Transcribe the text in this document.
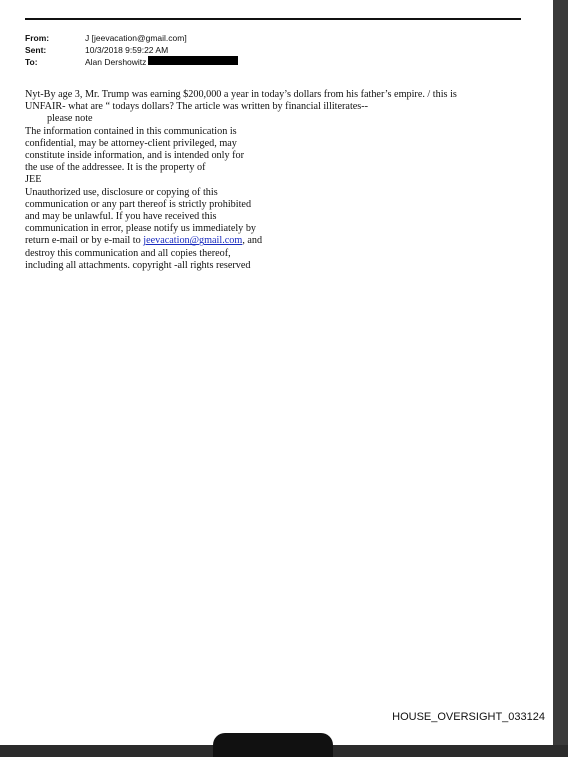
From:	J [jeevacation@gmail.com]
Sent:	10/3/2018 9:59:22 AM
To:	Alan Dershowitz
Nyt-By age 3, Mr. Trump was earning $200,000 a year in today’s dollars from his father’s empire. / this is
UNFAIR- what are “ todays dollars? The article was written by financial illiterates--
please note
The information contained in this communication is
confidential, may be attorney-client privileged, may
constitute inside information, and is intended only for
the use of the addressee. It is the property of
JEE
Unauthorized use, disclosure or copying of this
communication or any part thereof is strictly prohibited
and may be unlawful. If you have received this
communication in error, please notify us immediately by
return e-mail or by e-mail to jeevacation@gmail.com, and
destroy this communication and all copies thereof,
including all attachments. copyright -all rights reserved
HOUSE_OVERSIGHT_033124
